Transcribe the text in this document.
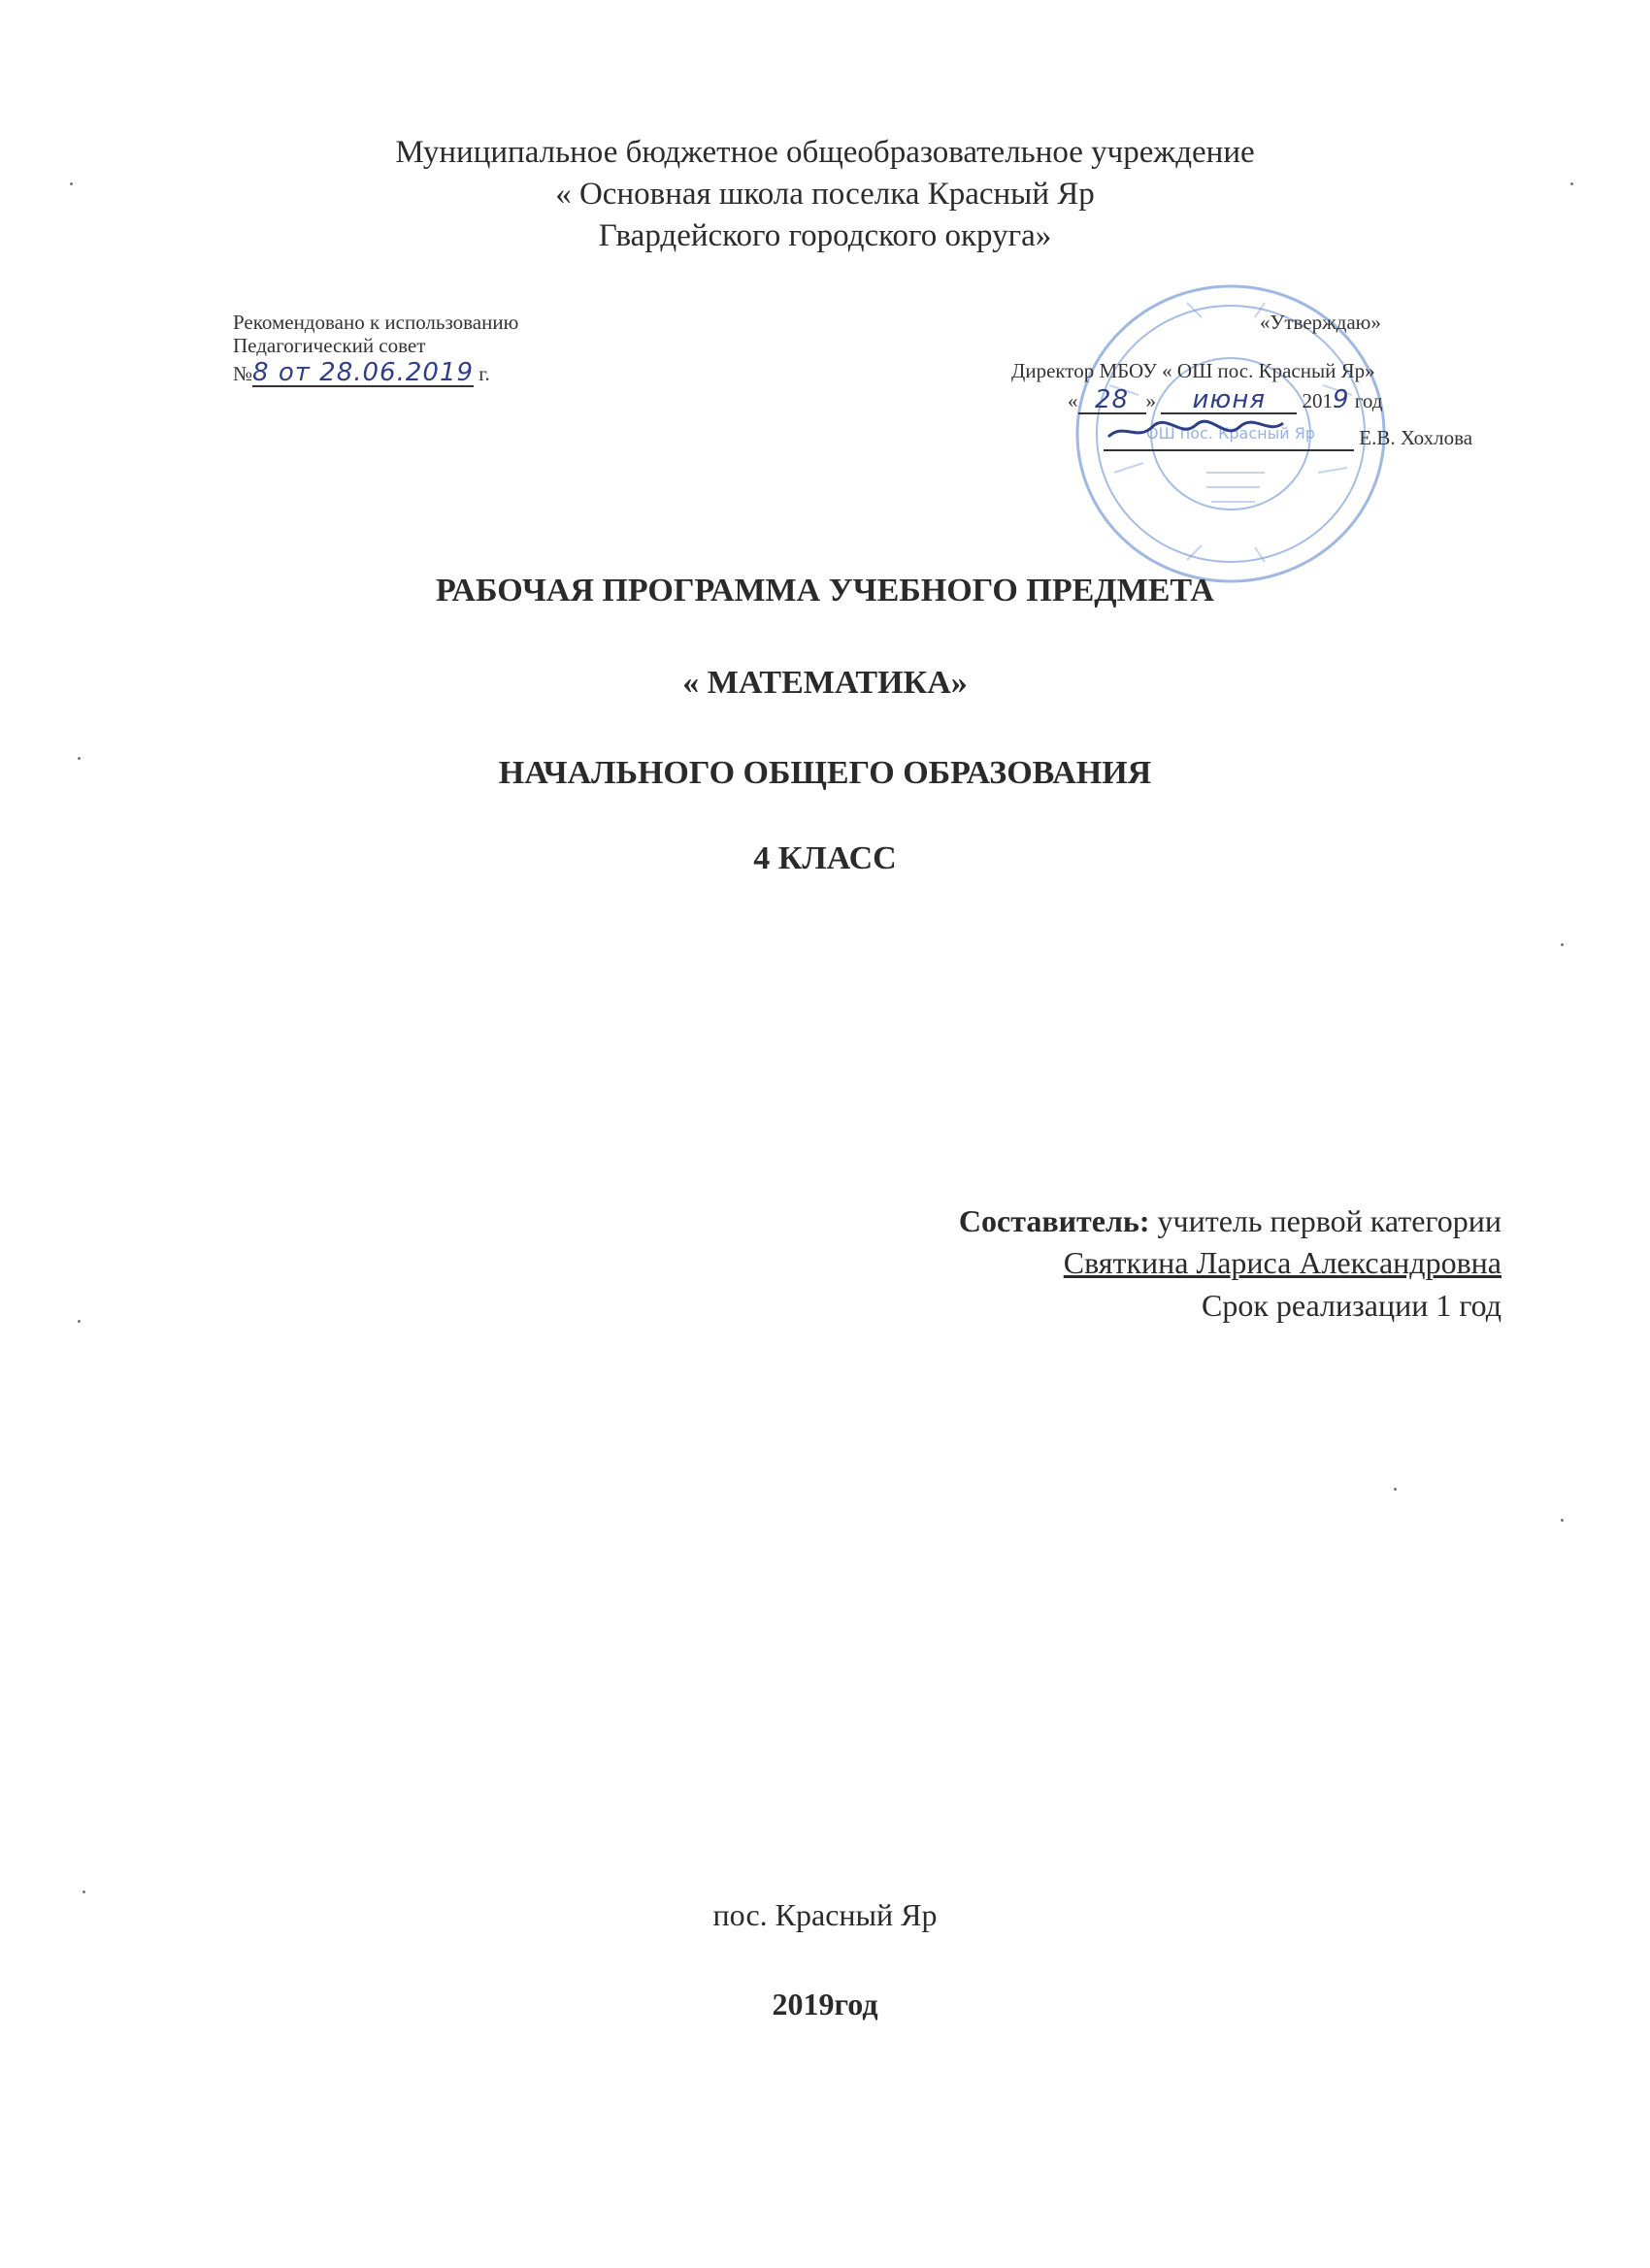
Муниципальное бюджетное общеобразовательное учреждение
« Основная школа поселка Красный Яр
Гвардейского городского округа»
Рекомендовано к использованию
Педагогический совет
№8 от 28.06.2019 г.
ОШ пос. Красный Яр
«Утверждаю»
Директор МБОУ « ОШ пос. Красный Яр»
« 28 » июня 2019 год
Е.В. Хохлова
РАБОЧАЯ ПРОГРАММА УЧЕБНОГО ПРЕДМЕТА
« МАТЕМАТИКА»
НАЧАЛЬНОГО ОБЩЕГО ОБРАЗОВАНИЯ
4 КЛАСС
Составитель: учитель первой категории
Святкина Лариса Александровна
Срок реализации 1 год
пос. Красный Яр
2019год
